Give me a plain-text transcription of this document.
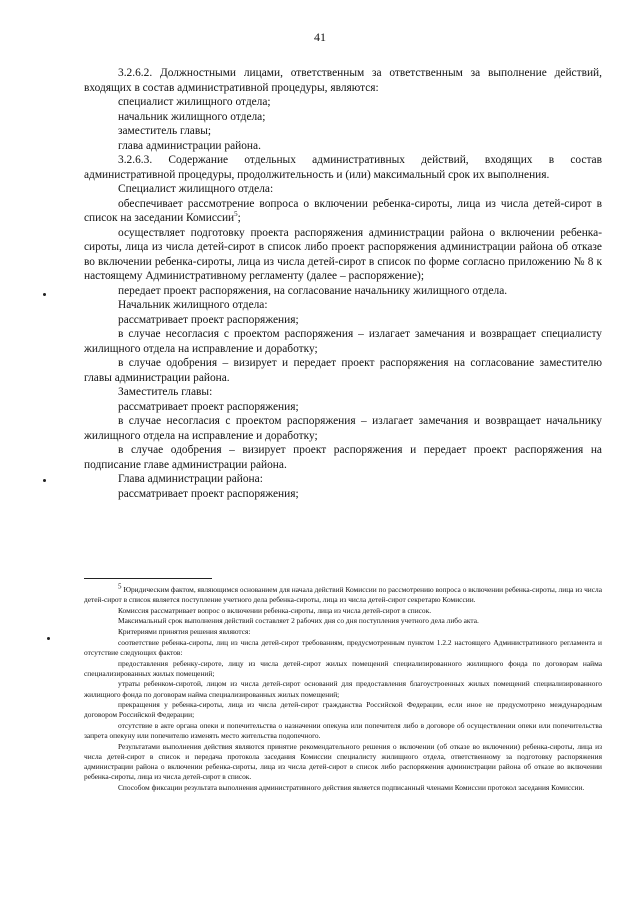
41

3.2.6.2. Должностными лицами, ответственным за ответственным за выполнение действий, входящих в состав административной процедуры, являются:

специалист жилищного отдела;

начальник жилищного отдела;

заместитель главы;

глава администрации района.

3.2.6.3. Содержание отдельных административных действий, входящих в состав административной процедуры, продолжительность и (или) максимальный срок их выполнения.

Специалист жилищного отдела:

обеспечивает рассмотрение вопроса о включении ребенка-сироты, лица из числа детей-сирот в список на заседании Комиссии$^5$;

осуществляет подготовку проекта распоряжения администрации района о включении ребенка-сироты, лица из числа детей-сирот в список либо проект распоряжения администрации района об отказе во включении ребенка-сироты, лица из числа детей-сирот в список по форме согласно приложению № 8 к настоящему Административному регламенту (далее – распоряжение);

передает проект распоряжения, на согласование начальнику жилищного отдела.

Начальник жилищного отдела:

рассматривает проект распоряжения;

в случае несогласия с проектом распоряжения – излагает замечания и возвращает специалисту жилищного отдела на исправление и доработку;

в случае одобрения – визирует и передает проект распоряжения на согласование заместителю главы администрации района.

Заместитель главы:

рассматривает проект распоряжения;

в случае несогласия с проектом распоряжения – излагает замечания и возвращает начальнику жилищного отдела на исправление и доработку;

в случае одобрения – визирует проект распоряжения и передает проект распоряжения на подписание главе администрации района.

Глава администрации района:

рассматривает проект распоряжения;

$^5$ Юридическим фактом, являющимся основанием для начала действий Комиссии по рассмотрению вопроса о включении ребенка-сироты, лица из числа детей-сирот в список является поступление учетного дела ребенка-сироты, лица из числа детей-сирот секретарю Комиссии.

Комиссия рассматривает вопрос о включении ребенка-сироты, лица из числа детей-сирот в список.

Максимальный срок выполнения действий составляет 2 рабочих дня со дня поступления учетного дела либо акта.

Критериями принятия решения являются:

соответствие ребенка-сироты, лиц из числа детей-сирот требованиям, предусмотренным пунктом 1.2.2 настоящего Административного регламента и отсутствие следующих фактов:

предоставления ребенку-сироте, лицу из числа детей-сирот жилых помещений специализированного жилищного фонда по договорам найма специализированных жилых помещений;

утраты ребенком-сиротой, лицом из числа детей-сирот оснований для предоставления благоустроенных жилых помещений специализированного жилищного фонда по договорам найма специализированных жилых помещений;

прекращения у ребенка-сироты, лица из числа детей-сирот гражданства Российской Федерации, если иное не предусмотрено международным договором Российской Федерации;

отсутствие в акте органа опеки и попечительства о назначении опекуна или попечителя либо в договоре об осуществлении опеки или попечительства запрета опекуну или попечителю изменять место жительства подопечного.

Результатами выполнения действия являются принятие рекомендательного решения о включении (об отказе во включении) ребенка-сироты, лица из числа детей-сирот в список и передача протокола заседания Комиссии специалисту жилищного отдела, ответственному за подготовку распоряжения администрации района о включении ребенка-сироты, лица из числа детей-сирот в список либо распоряжения администрации района об отказе во включении ребенка-сироты, лица из числа детей-сирот в список.

Способом фиксации результата выполнения административного действия является подписанный членами Комиссии протокол заседания Комиссии.
